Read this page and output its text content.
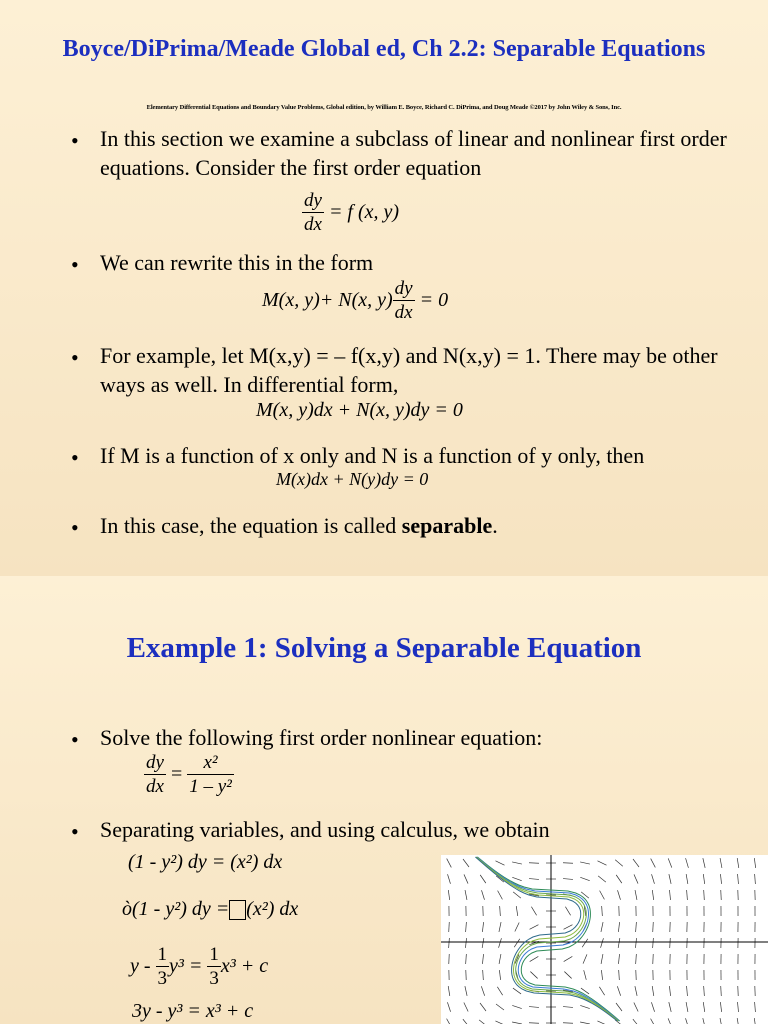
Boyce/DiPrima/Meade Global ed, Ch 2.2: Separable Equations
Elementary Differential Equations and Boundary Value Problems, Global edition, by William E. Boyce, Richard C. DiPrima, and Doug Meade ©2017 by John Wiley & Sons, Inc.
• In this section we examine a subclass of linear and nonlinear first order equations. Consider the first order equation
$\frac{dy}{dx} = f$ (x, y)
• We can rewrite this in the form
M(x, y)+ N(x, $y) \frac{dy}{dx} = 0$
• For example, let M(x,y) = – f(x,y) and N(x,y) = 1. There may be other ways as well. In differential form,
M(x, y)dx + N(x, y)dy = 0
• If M is a function of x only and N is a function of y only, then
M(x)dx + N(y)dy = 0
• In this case, the equation is called separable.
Example 1: Solving a Separable Equation
• Solve the following first order nonlinear equation:
$\frac{dy}{dx} = \frac{\text{x²}}{\text{1 – y²}}$
• Separating variables, and using calculus, we obtain
(1 - y²) dy = (x²) dx
ò(1 - y²) dy = (x²) dx
$y - \frac{1}{3} y^3 = \frac{1}{3} x^3 + c$
3y - y³ = x³ + c
